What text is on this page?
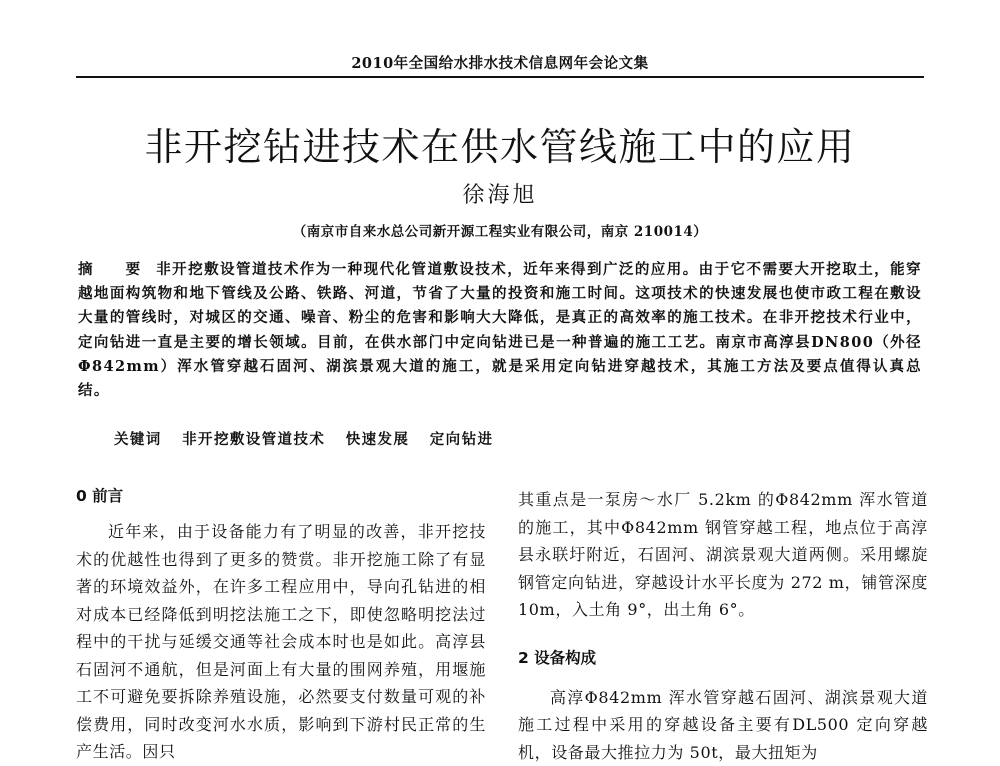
2010年全国给水排水技术信息网年会论文集
非开挖钻进技术在供水管线施工中的应用
徐海旭
（南京市自来水总公司新开源工程实业有限公司，南京 210014）

摘 要 非开挖敷设管道技术作为一种现代化管道敷设技术，近年来得到广泛的应用。由于它不需要大开挖取土，能穿越地面构筑物和地下管线及公路、铁路、河道，节省了大量的投资和施工时间。这项技术的快速发展也使市政工程在敷设大量的管线时，对城区的交通、噪音、粉尘的危害和影响大大降低，是真正的高效率的施工技术。在非开挖技术行业中，定向钻进一直是主要的增长领域。目前，在供水部门中定向钻进已是一种普遍的施工工艺。南京市高淳县DN800（外径Φ842mm）浑水管穿越石固河、湖滨景观大道的施工，就是采用定向钻进穿越技术，其施工方法及要点值得认真总结。

关键词 非开挖敷设管道技术 快速发展 定向钻进
0 前言

近年来，由于设备能力有了明显的改善，非开挖技术的优越性也得到了更多的赞赏。非开挖施工除了有显著的环境效益外，在许多工程应用中，导向孔钻进的相对成本已经降低到明挖法施工之下，即使忽略明挖法过程中的干扰与延缓交通等社会成本时也是如此。高淳县石固河不通航，但是河面上有大量的围网养殖，用堰施工不可避免要拆除养殖设施，必然要支付数量可观的补偿费用，同时改变河水水质，影响到下游村民正常的生产生活。因只

其重点是一泵房～水厂 5.2km 的Φ842mm 浑水管道的施工，其中Φ842mm 钢管穿越工程，地点位于高淳县永联圩附近，石固河、湖滨景观大道两侧。采用螺旋钢管定向钻进，穿越设计水平长度为 272 m，铺管深度 10m，入土角 9°，出土角 6°。

2 设备构成

高淳Φ842mm 浑水管穿越石固河、湖滨景观大道施工过程中采用的穿越设备主要有DL500 定向穿越机，设备最大推拉力为 50t，最大扭矩为
